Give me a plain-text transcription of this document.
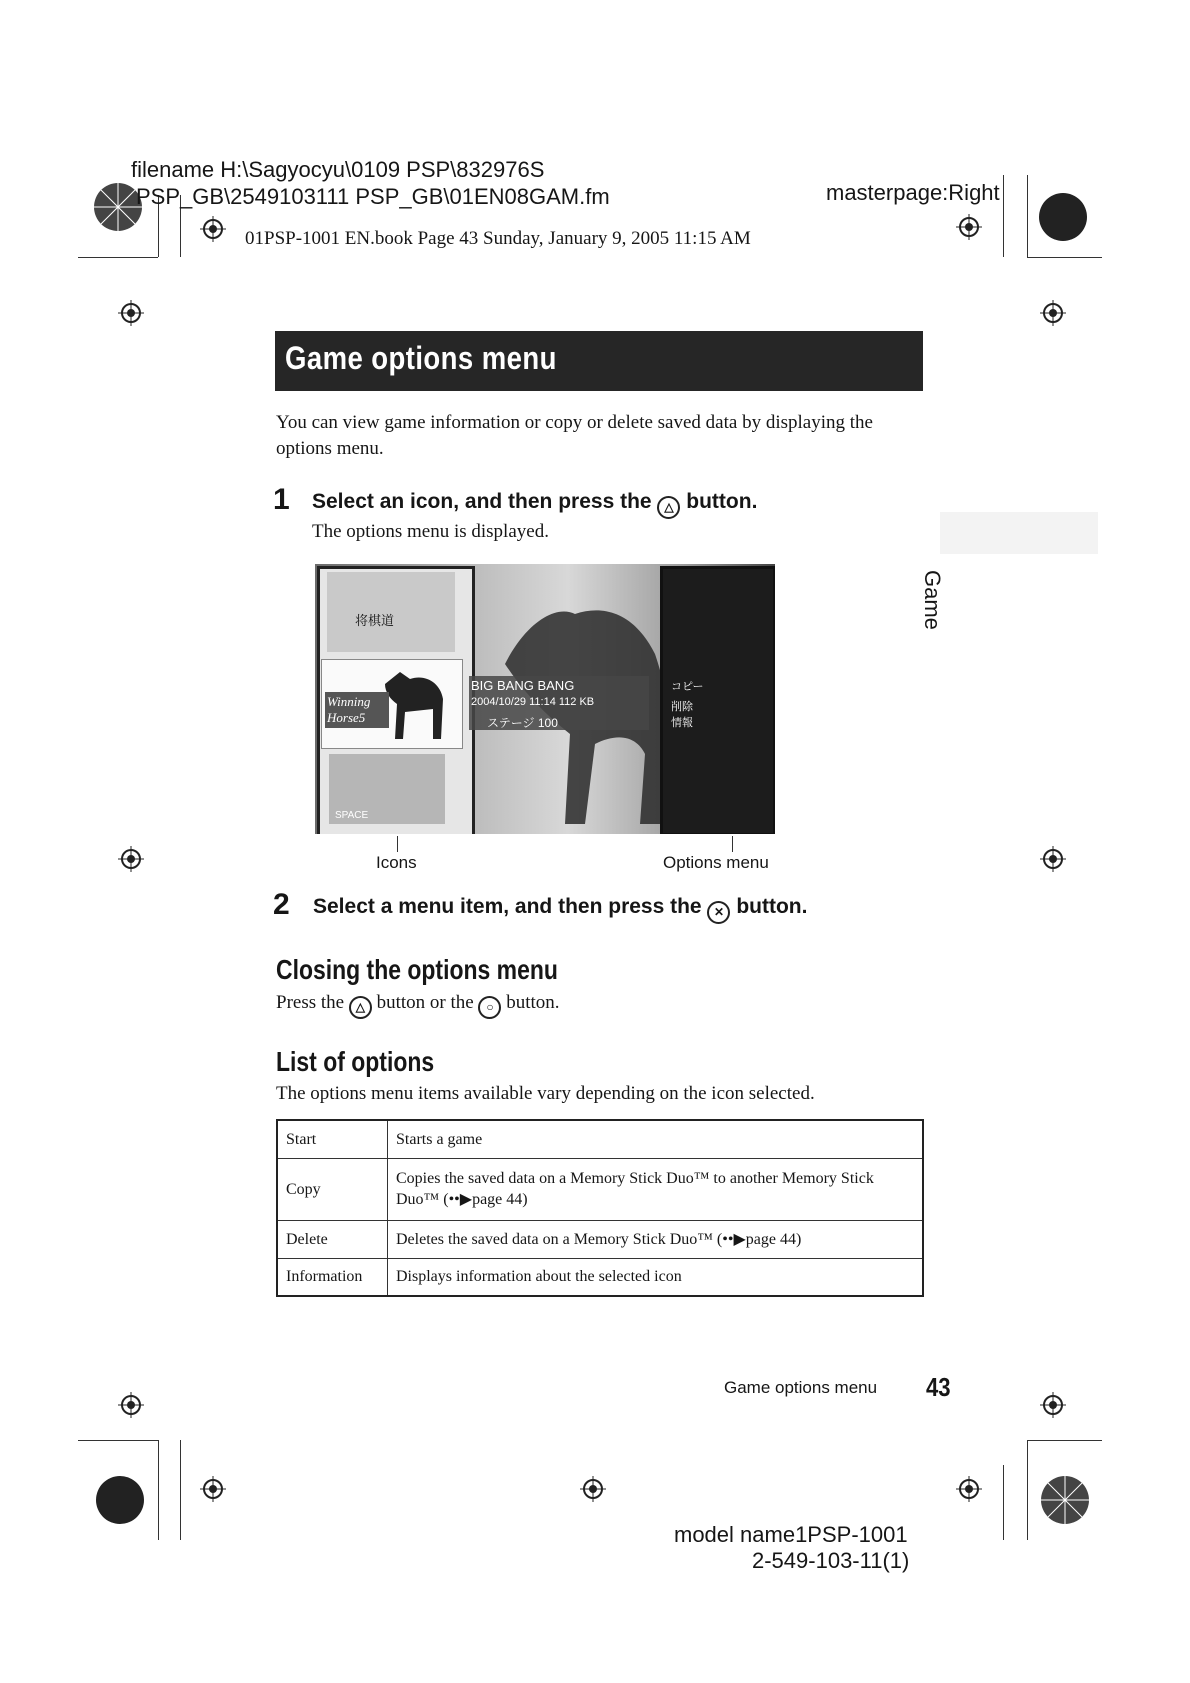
filename H:\Sagyocyu\0109 PSP\832976S
PSP_GB\2549103111 PSP_GB\01EN08GAM.fm	masterpage:Right
01PSP-1001 EN.book Page 43 Sunday, January 9, 2005 11:15 AM
Game
Game options menu
You can view game information or copy or delete saved data by displaying the options menu.
1 Select an icon, and then press the △ button.
The options menu is displayed.
将棋道
Winning Horse5
SPACE
BIG BANG BANG
2004/10/29 11:14 112 KB
ステージ 100
コピー
削除
情報
Icons	Options menu
2 Select a menu item, and then press the ✕ button.
Closing the options menu
Press the △ button or the ○ button.
List of options
The options menu items available vary depending on the icon selected.
Start	Starts a game
Copy	Copies the saved data on a Memory Stick Duo™ to another Memory Stick Duo™ (••▶page 44)
Delete	Deletes the saved data on a Memory Stick Duo™ (••▶page 44)
Information	Displays information about the selected icon
Game options menu 43
model name1PSP-1001
2-549-103-11(1)
